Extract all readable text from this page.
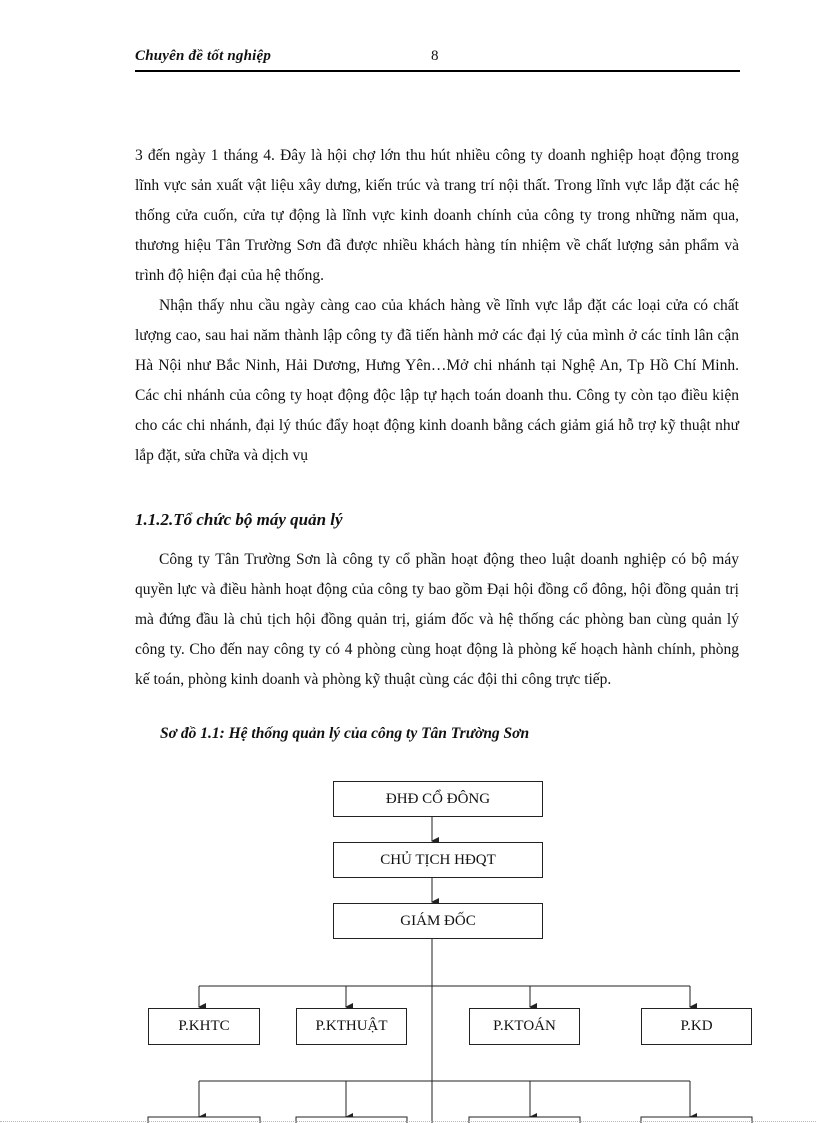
Chuyên đề tốt nghiệp	8
3 đến ngày 1 tháng 4. Đây là hội chợ lớn thu hút nhiều công ty doanh nghiệp hoạt động trong lĩnh vực sản xuất vật liệu xây dưng, kiến trúc và trang trí nội thất. Trong lĩnh vực lắp đặt các hệ thống cửa cuốn, cửa tự động là lĩnh vực kinh doanh chính của công ty trong những năm qua, thương hiệu Tân Trường Sơn đã được nhiều khách hàng tín nhiệm về chất lượng sản phẩm và trình độ hiện đại của hệ thống.
Nhận thấy nhu cầu ngày càng cao của khách hàng về lĩnh vực lắp đặt các loại cửa có chất lượng cao, sau hai năm thành lập công ty đã tiến hành mở các đại lý của mình ở các tỉnh lân cận Hà Nội như Bắc Ninh, Hải Dương, Hưng Yên…Mở chi nhánh tại Nghệ An, Tp Hồ Chí Minh. Các chi nhánh của công ty hoạt động độc lập tự hạch toán doanh thu. Công ty còn tạo điều kiện cho các chi nhánh, đại lý thúc đẩy hoạt động kinh doanh bằng cách giảm giá hỗ trợ kỹ thuật như lắp đặt, sửa chữa và dịch vụ
1.1.2.Tổ chức bộ máy quản lý
Công ty Tân Trường Sơn là công ty cổ phần hoạt động theo luật doanh nghiệp có bộ máy quyền lực và điều hành hoạt động của công ty bao gồm Đại hội đồng cổ đông, hội đồng quản trị mà đứng đầu là chủ tịch hội đồng quản trị, giám đốc và hệ thống các phòng ban cùng quản lý công ty. Cho đến nay công ty có 4 phòng cùng hoạt động là phòng kế hoạch hành chính, phòng kế toán, phòng kinh doanh và phòng kỹ thuật cùng các đội thi công trực tiếp.
Sơ đồ 1.1: Hệ thống quản lý của công ty Tân Trường Sơn
ĐHĐ CỔ ĐÔNG
CHỦ TỊCH HĐQT
GIÁM ĐỐC
P.KHTC	P.KTHUẬT	P.KTOÁN	P.KD
